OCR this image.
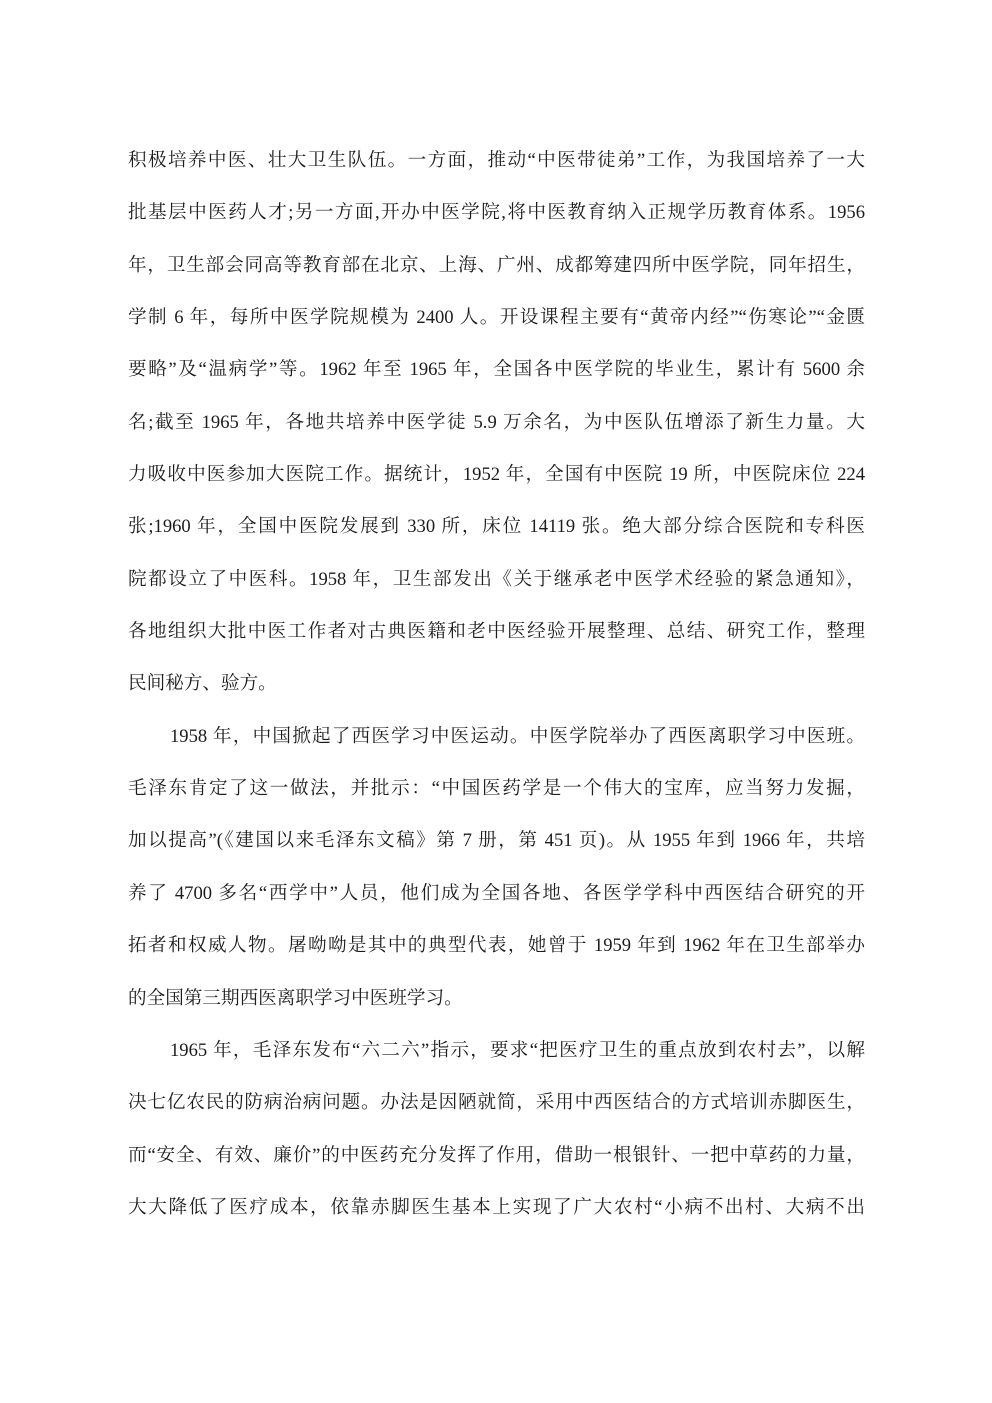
积极培养中医、壮大卫生队伍。一方面，推动“中医带徒弟”工作，为我国培养了一大
批基层中医药人才;另一方面,开办中医学院,将中医教育纳入正规学历教育体系。1956
年，卫生部会同高等教育部在北京、上海、广州、成都筹建四所中医学院，同年招生，
学制 6 年，每所中医学院规模为 2400 人。开设课程主要有“黄帝内经”“伤寒论”“金匮
要略”及“温病学”等。1962 年至 1965 年，全国各中医学院的毕业生，累计有 5600 余
名;截至 1965 年，各地共培养中医学徒 5.9 万余名，为中医队伍增添了新生力量。大
力吸收中医参加大医院工作。据统计，1952 年，全国有中医院 19 所，中医院床位 224
张;1960 年，全国中医院发展到 330 所，床位 14119 张。绝大部分综合医院和专科医
院都设立了中医科。1958 年，卫生部发出《关于继承老中医学术经验的紧急通知》，
各地组织大批中医工作者对古典医籍和老中医经验开展整理、总结、研究工作，整理
民间秘方、验方。
1958 年，中国掀起了西医学习中医运动。中医学院举办了西医离职学习中医班。
毛泽东肯定了这一做法，并批示：“中国医药学是一个伟大的宝库，应当努力发掘，
加以提高”(《建国以来毛泽东文稿》第 7 册，第 451 页)。从 1955 年到 1966 年，共培
养了 4700 多名“西学中”人员，他们成为全国各地、各医学学科中西医结合研究的开
拓者和权威人物。屠呦呦是其中的典型代表，她曾于 1959 年到 1962 年在卫生部举办
的全国第三期西医离职学习中医班学习。
1965 年，毛泽东发布“六二六”指示，要求“把医疗卫生的重点放到农村去”，以解
决七亿农民的防病治病问题。办法是因陋就简，采用中西医结合的方式培训赤脚医生，
而“安全、有效、廉价”的中医药充分发挥了作用，借助一根银针、一把中草药的力量，
大大降低了医疗成本，依靠赤脚医生基本上实现了广大农村“小病不出村、大病不出
